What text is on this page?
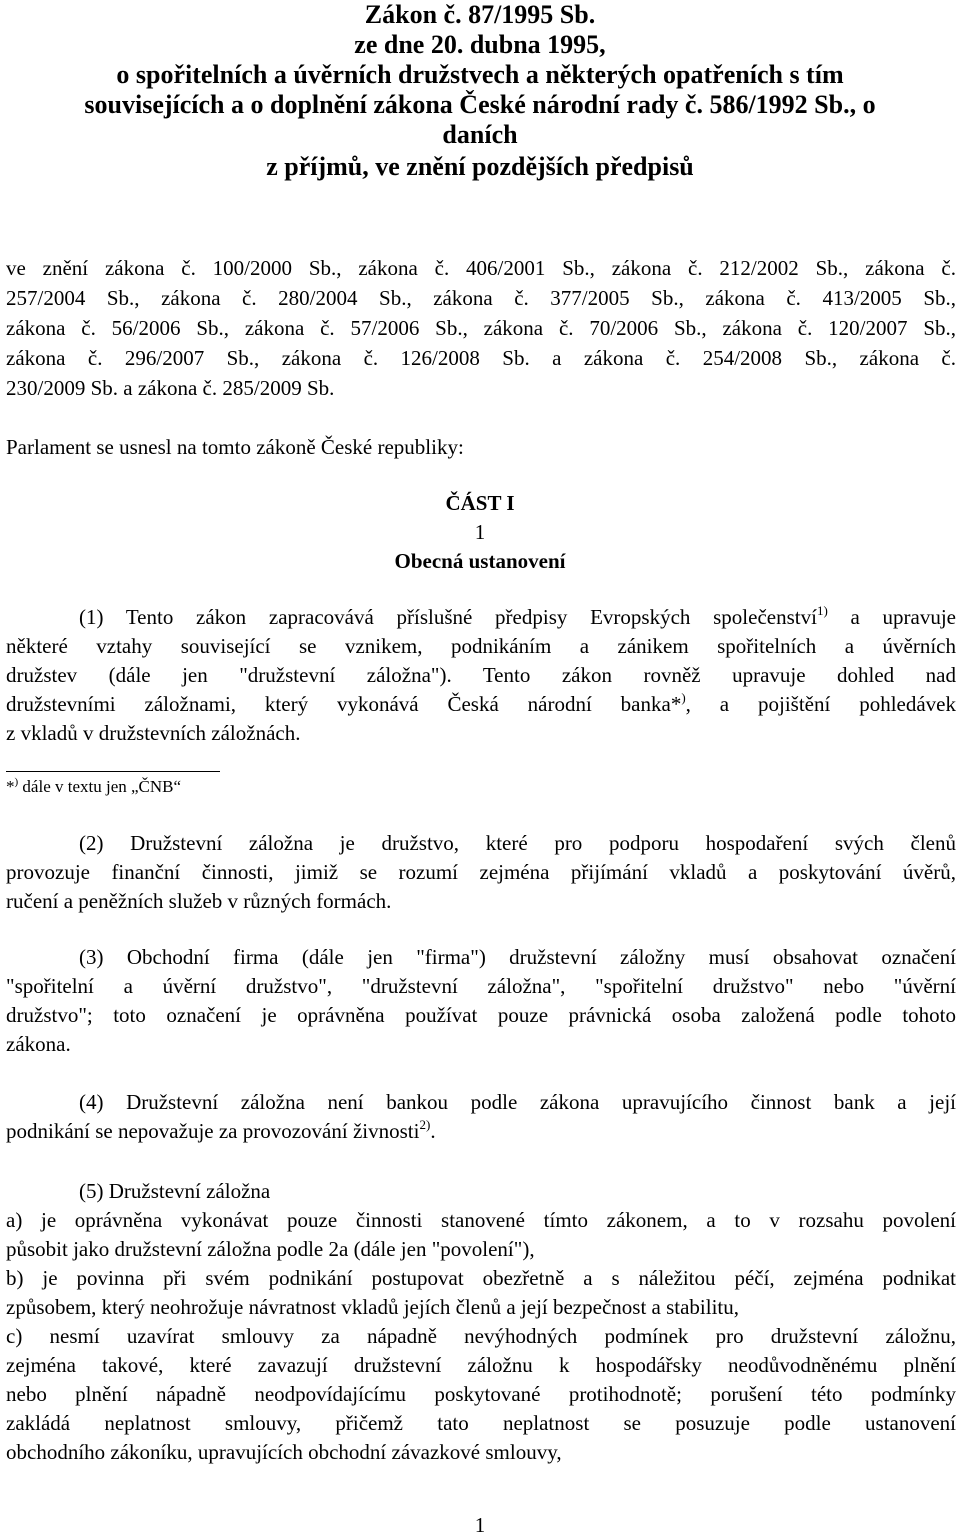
Zákon č. 87/1995 Sb.
ze dne 20. dubna 1995,
o spořitelních a úvěrních družstvech a některých opatřeních s tím
souvisejících a o doplnění zákona České národní rady č. 586/1992 Sb., o
daních
z příjmů, ve znění pozdějších předpisů
ve znění zákona č. 100/2000 Sb., zákona č. 406/2001 Sb., zákona č. 212/2002 Sb., zákona č.
257/2004 Sb., zákona č. 280/2004 Sb., zákona č. 377/2005 Sb., zákona č. 413/2005 Sb.,
zákona č. 56/2006 Sb., zákona č. 57/2006 Sb., zákona č. 70/2006 Sb., zákona č. 120/2007 Sb.,
zákona č. 296/2007 Sb., zákona č. 126/2008 Sb. a zákona č. 254/2008 Sb., zákona č.
230/2009 Sb. a zákona č. 285/2009 Sb.
Parlament se usnesl na tomto zákoně České republiky:
ČÁST I
1
Obecná ustanovení
(1) Tento zákon zapracovává příslušné předpisy Evropských společenství$^{1)}$ a upravuje
některé vztahy související se vznikem, podnikáním a zánikem spořitelních a úvěrních
družstev (dále jen "družstevní záložna"). Tento zákon rovněž upravuje dohled nad
družstevními záložnami, který vykonává Česká národní banka*), a pojištění pohledávek
z vkladů v družstevních záložnách.
*) dále v textu jen „ČNB“
(2) Družstevní záložna je družstvo, které pro podporu hospodaření svých členů
provozuje finanční činnosti, jimiž se rozumí zejména přijímání vkladů a poskytování úvěrů,
ručení a peněžních služeb v různých formách.
(3) Obchodní firma (dále jen "firma") družstevní záložny musí obsahovat označení
"spořitelní a úvěrní družstvo", "družstevní záložna", "spořitelní družstvo" nebo "úvěrní
družstvo"; toto označení je oprávněna používat pouze právnická osoba založená podle tohoto
zákona.
(4) Družstevní záložna není bankou podle zákona upravujícího činnost bank a její
podnikání se nepovažuje za provozování živnosti$^{2)}$.
(5) Družstevní záložna
a) je oprávněna vykonávat pouze činnosti stanovené tímto zákonem, a to v rozsahu povolení
působit jako družstevní záložna podle 2a (dále jen "povolení"),
b) je povinna při svém podnikání postupovat obezřetně a s náležitou péčí, zejména podnikat
způsobem, který neohrožuje návratnost vkladů jejích členů a její bezpečnost a stabilitu,
c) nesmí uzavírat smlouvy za nápadně nevýhodných podmínek pro družstevní záložnu,
zejména takové, které zavazují družstevní záložnu k hospodářsky neodůvodněnému plnění
nebo plnění nápadně neodpovídajícímu poskytované protihodnotě; porušení této podmínky
zakládá neplatnost smlouvy, přičemž tato neplatnost se posuzuje podle ustanovení
obchodního zákoníku, upravujících obchodní závazkové smlouvy,
1
